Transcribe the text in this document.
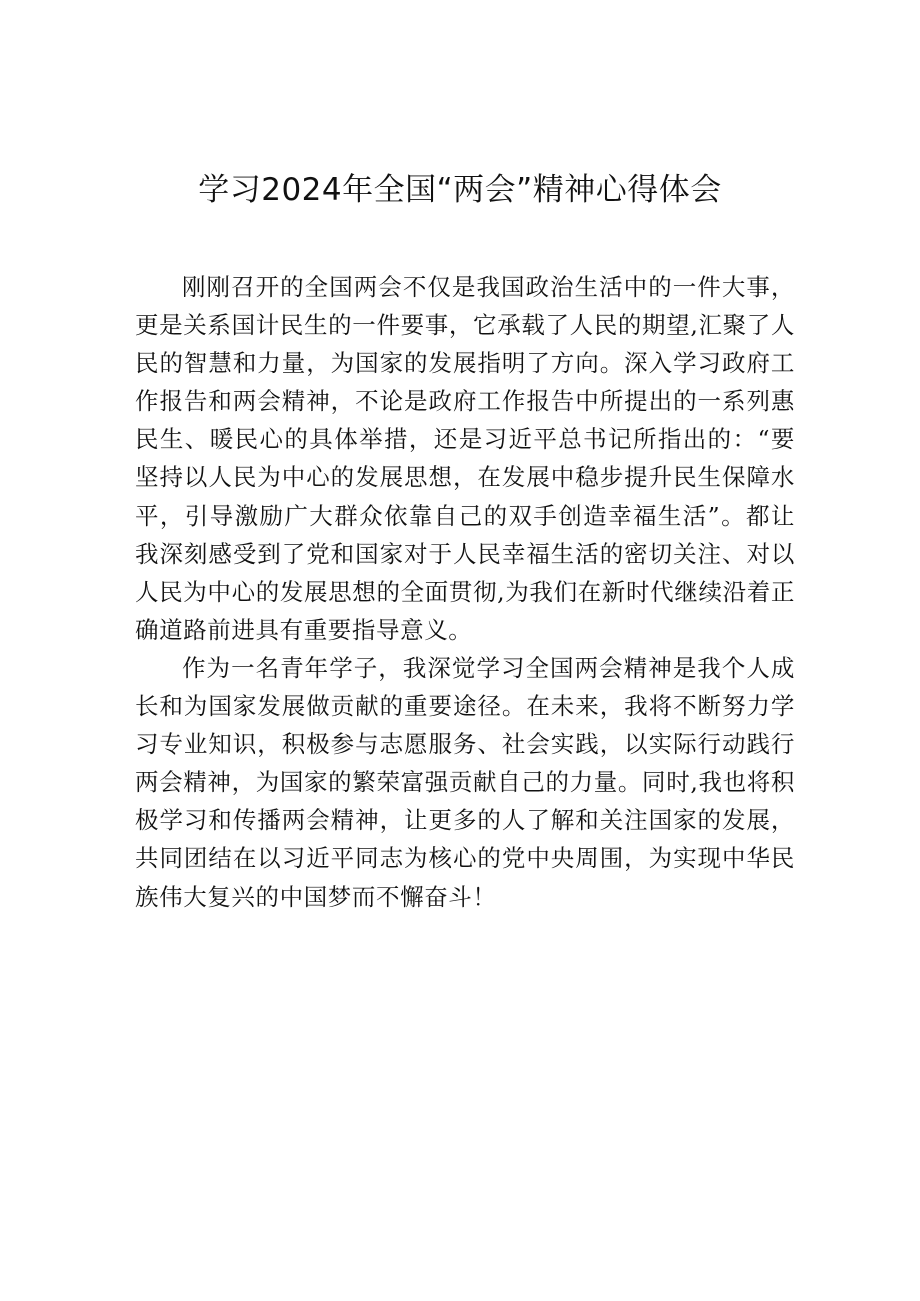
学习2024年全国“两会”精神心得体会

刚刚召开的全国两会不仅是我国政治生活中的一件大事，更是关系国计民生的一件要事，它承载了人民的期望,汇聚了人民的智慧和力量，为国家的发展指明了方向。深入学习政府工作报告和两会精神，不论是政府工作报告中所提出的一系列惠民生、暖民心的具体举措，还是习近平总书记所指出的：“要坚持以人民为中心的发展思想，在发展中稳步提升民生保障水平，引导激励广大群众依靠自己的双手创造幸福生活”。都让我深刻感受到了党和国家对于人民幸福生活的密切关注、对以人民为中心的发展思想的全面贯彻,为我们在新时代继续沿着正确道路前进具有重要指导意义。

作为一名青年学子，我深觉学习全国两会精神是我个人成长和为国家发展做贡献的重要途径。在未来，我将不断努力学习专业知识，积极参与志愿服务、社会实践，以实际行动践行两会精神，为国家的繁荣富强贡献自己的力量。同时,我也将积极学习和传播两会精神，让更多的人了解和关注国家的发展，共同团结在以习近平同志为核心的党中央周围，为实现中华民族伟大复兴的中国梦而不懈奋斗！
